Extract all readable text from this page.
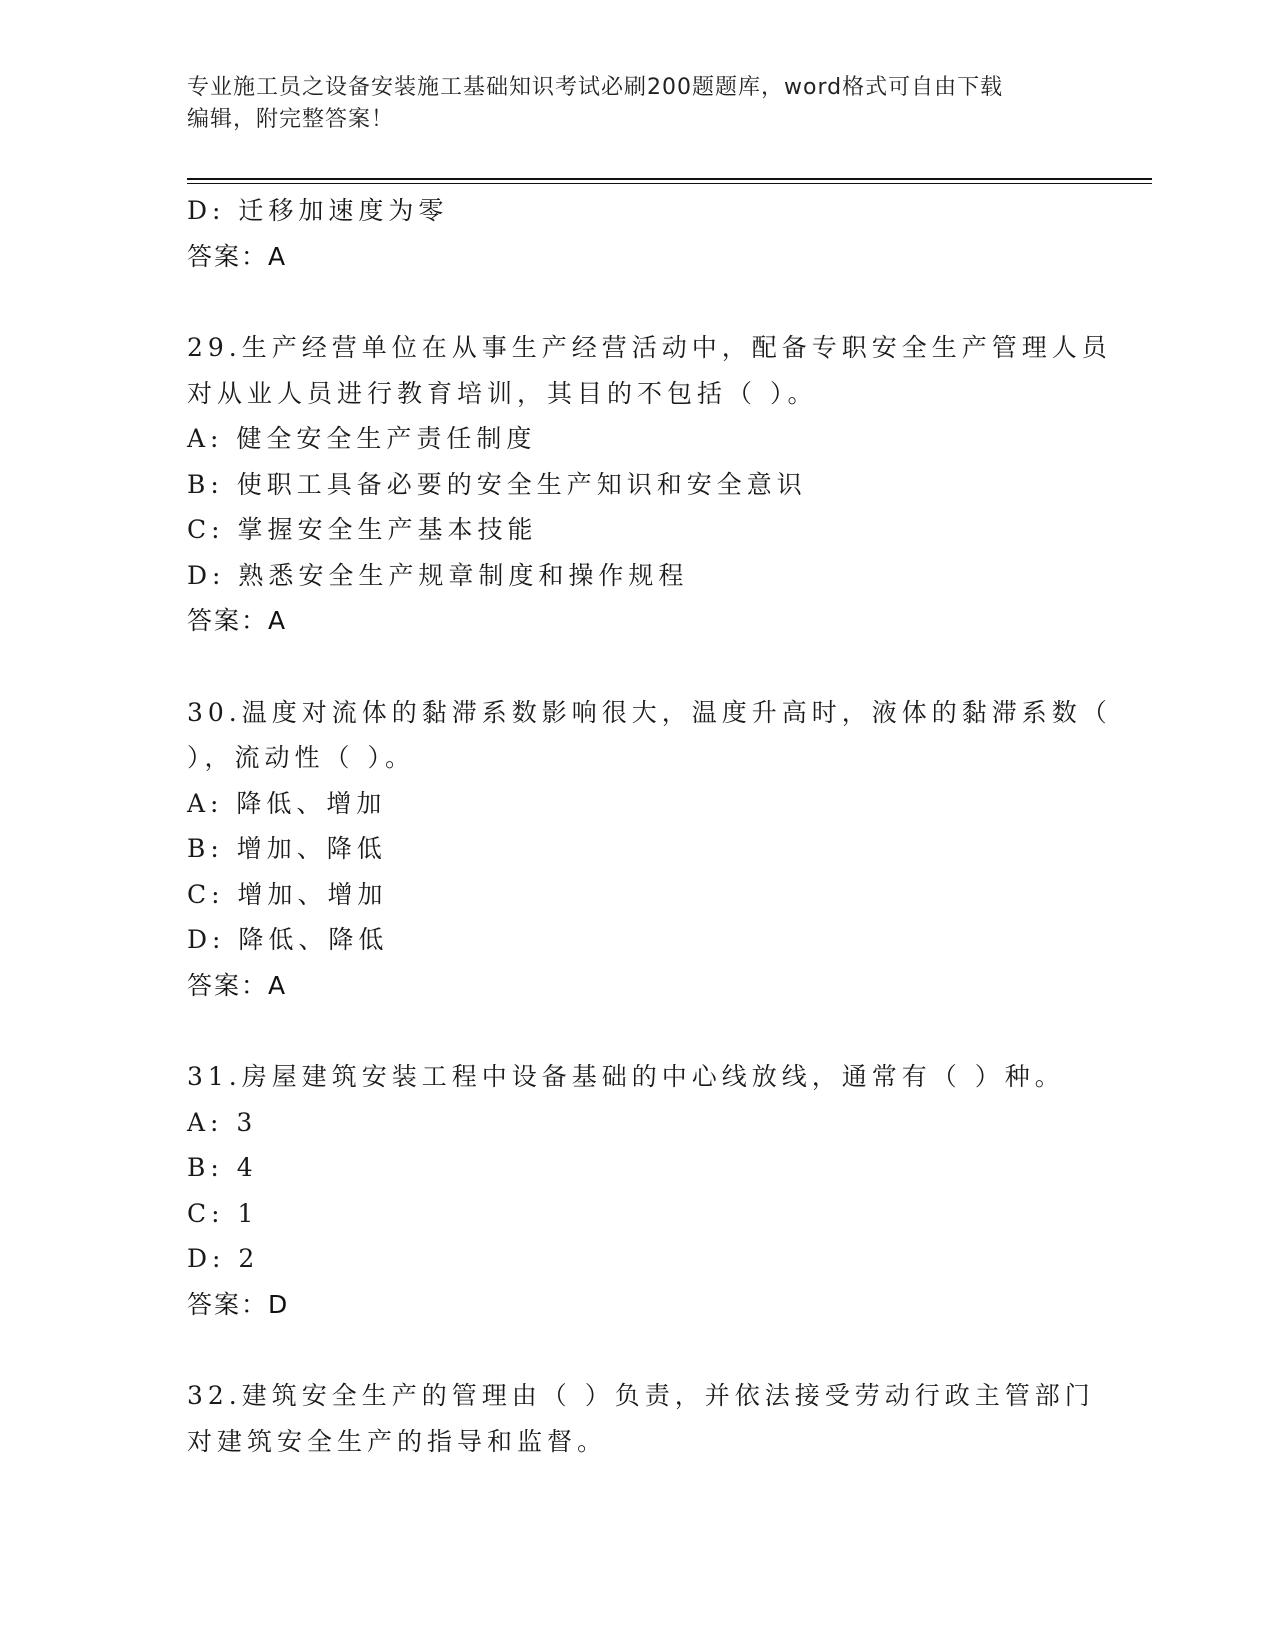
专业施工员之设备安装施工基础知识考试必刷200题题库，word格式可自由下载
编辑，附完整答案！
D: 迁移加速度为零
答案：A
29.生产经营单位在从事生产经营活动中，配备专职安全生产管理人员
对从业人员进行教育培训，其目的不包括（ ）。
A: 健全安全生产责任制度
B: 使职工具备必要的安全生产知识和安全意识
C: 掌握安全生产基本技能
D: 熟悉安全生产规章制度和操作规程
答案：A
30.温度对流体的黏滞系数影响很大，温度升高时，液体的黏滞系数（
），流动性（ ）。
A: 降低、增加
B: 增加、降低
C: 增加、增加
D: 降低、降低
答案：A
31.房屋建筑安装工程中设备基础的中心线放线，通常有（ ）种。
A: 3
B: 4
C: 1
D: 2
答案：D
32.建筑安全生产的管理由（ ）负责，并依法接受劳动行政主管部门
对建筑安全生产的指导和监督。
